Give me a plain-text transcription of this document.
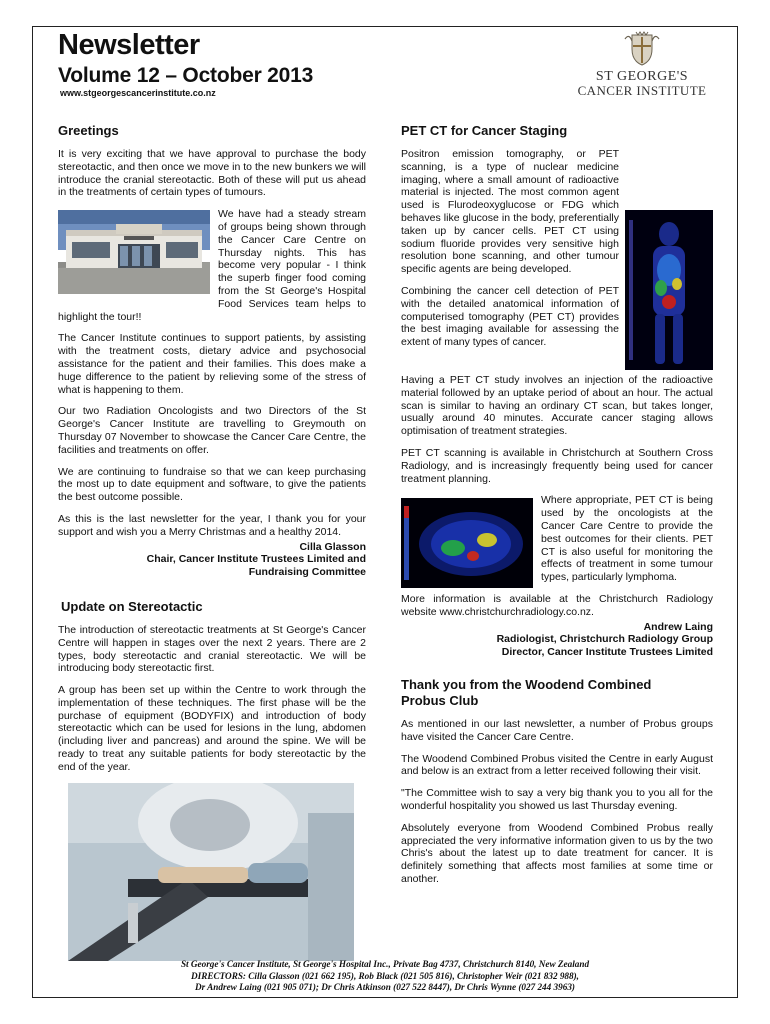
Newsletter
Volume 12 – October 2013
www.stgeorgescancerinstitute.co.nz
ST GEORGE'S
CANCER INSTITUTE
Greetings

It is very exciting that we have approval to purchase the body stereotactic, and then once we move in to the new bunkers we will introduce the cranial stereotactic. Both of these will put us ahead in the treatments of certain types of tumours.

We have had a steady stream of groups being shown through the Cancer Care Centre on Thursday nights. This has become very popular - I think the superb finger food coming from the St George's Hospital Food Services team helps to highlight the tour!!

The Cancer Institute continues to support patients, by assisting with the treatment costs, dietary advice and psychosocial assistance for the patient and their families. This does make a huge difference to the patient by relieving some of the stress of what is happening to them.

Our two Radiation Oncologists and two Directors of the St George's Cancer Institute are travelling to Greymouth on Thursday 07 November to showcase the Cancer Care Centre, the facilities and treatments on offer.

We are continuing to fundraise so that we can keep purchasing the most up to date equipment and software, to give the patients the best outcome possible.

As this is the last newsletter for the year, I thank you for your support and wish you a Merry Christmas and a healthy 2014.

Cilla Glasson

Chair, Cancer Institute Trustees Limited and

Fundraising Committee

Update on Stereotactic

The introduction of stereotactic treatments at St George's Cancer Centre will happen in stages over the next 2 years. There are 2 types, body stereotactic and cranial stereotactic. We will be introducing body stereotactic first.

A group has been set up within the Centre to work through the implementation of these techniques. The first phase will be the purchase of equipment (BODYFIX) and introduction of body stereotactic which can be used for lesions in the lung, abdomen (including liver and pancreas) and around the spine. We will be ready to treat any suitable patients for body stereotactic by the end of the year.

PET CT for Cancer Staging

Positron emission tomography, or PET scanning, is a type of nuclear medicine imaging, where a small amount of radioactive material is injected. The most common agent used is Flurodeoxyglucose or FDG which behaves like glucose in the body, preferentially taken up by cancer cells. PET CT using sodium fluoride provides very sensitive high resolution bone scanning, and other tumour specific agents are being developed.

Combining the cancer cell detection of PET with the detailed anatomical information of computerised tomography (PET CT) provides the best imaging available for assessing the extent of many types of cancer.

Having a PET CT study involves an injection of the radioactive material followed by an uptake period of about an hour. The actual scan is similar to having an ordinary CT scan, but takes longer, usually around 40 minutes. Accurate cancer staging allows optimisation of treatment strategies.

PET CT scanning is available in Christchurch at Southern Cross Radiology, and is increasingly frequently being used for cancer treatment planning.

Where appropriate, PET CT is being used by the oncologists at the Cancer Care Centre to provide the best outcomes for their clients. PET CT is also useful for monitoring the effects of treatment in some tumour types, particularly lymphoma.

More information is available at the Christchurch Radiology website www.christchurchradiology.co.nz.

Andrew Laing

Radiologist, Christchurch Radiology Group

Director, Cancer Institute Trustees Limited

Thank you from the Woodend Combined Probus Club

As mentioned in our last newsletter, a number of Probus groups have visited the Cancer Care Centre.

The Woodend Combined Probus visited the Centre in early August and below is an extract from a letter received following their visit.

"The Committee wish to say a very big thank you to you all for the wonderful hospitality you showed us last Thursday evening.

Absolutely everyone from Woodend Combined Probus really appreciated the very informative information given to us by the two Chris's about the latest up to date treatment for cancer. It is definitely something that affects most families at some time or another.

St George's Cancer Institute, St George's Hospital Inc., Private Bag 4737, Christchurch 8140, New Zealand
DIRECTORS: Cilla Glasson (021 662 195), Rob Black (021 505 816), Christopher Weir (021 832 988),
Dr Andrew Laing (021 905 071); Dr Chris Atkinson (027 522 8447), Dr Chris Wynne (027 244 3963)
